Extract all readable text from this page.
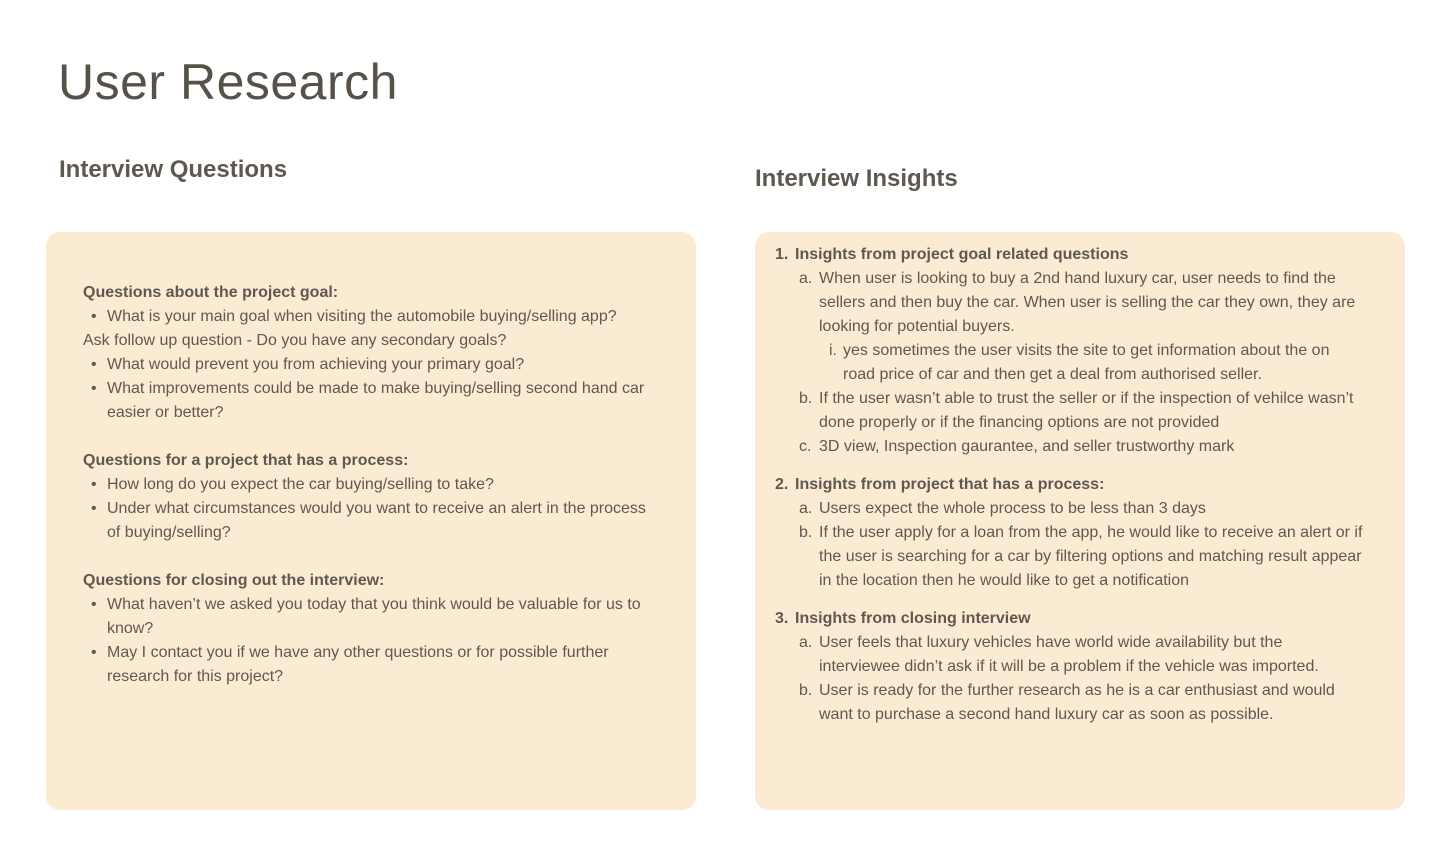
User Research
Interview Questions	Interview Insights

Questions about the project goal:

• What is your main goal when visiting the automobile buying/selling app?

Ask follow up question - Do you have any secondary goals?

• What would prevent you from achieving your primary goal?
• What improvements could be made to make buying/selling second hand car easier or better?

Questions for a project that has a process:

• How long do you expect the car buying/selling to take?
• Under what circumstances would you want to receive an alert in the process of buying/selling?

Questions for closing out the interview:

• What haven’t we asked you today that you think would be valuable for us to know?
• May I contact you if we have any other questions or for possible further research for this project?

1. Insights from project goal related questions

a. When user is looking to buy a 2nd hand luxury car, user needs to find the sellers and then buy the car. When user is selling the car they own, they are looking for potential buyers.
i. yes sometimes the user visits the site to get information about the on road price of car and then get a deal from authorised seller.
b. If the user wasn’t able to trust the seller or if the inspection of vehilce wasn’t done properly or if the financing options are not provided
c. 3D view, Inspection gaurantee, and seller trustworthy mark

2. Insights from project that has a process:

a. Users expect the whole process to be less than 3 days
b. If the user apply for a loan from the app, he would like to receive an alert or if the user is searching for a car by filtering options and matching result appear in the location then he would like to get a notification

3. Insights from closing interview

a. User feels that luxury vehicles have world wide availability but the interviewee didn’t ask if it will be a problem if the vehicle was imported.
b. User is ready for the further research as he is a car enthusiast and would want to purchase a second hand luxury car as soon as possible.
